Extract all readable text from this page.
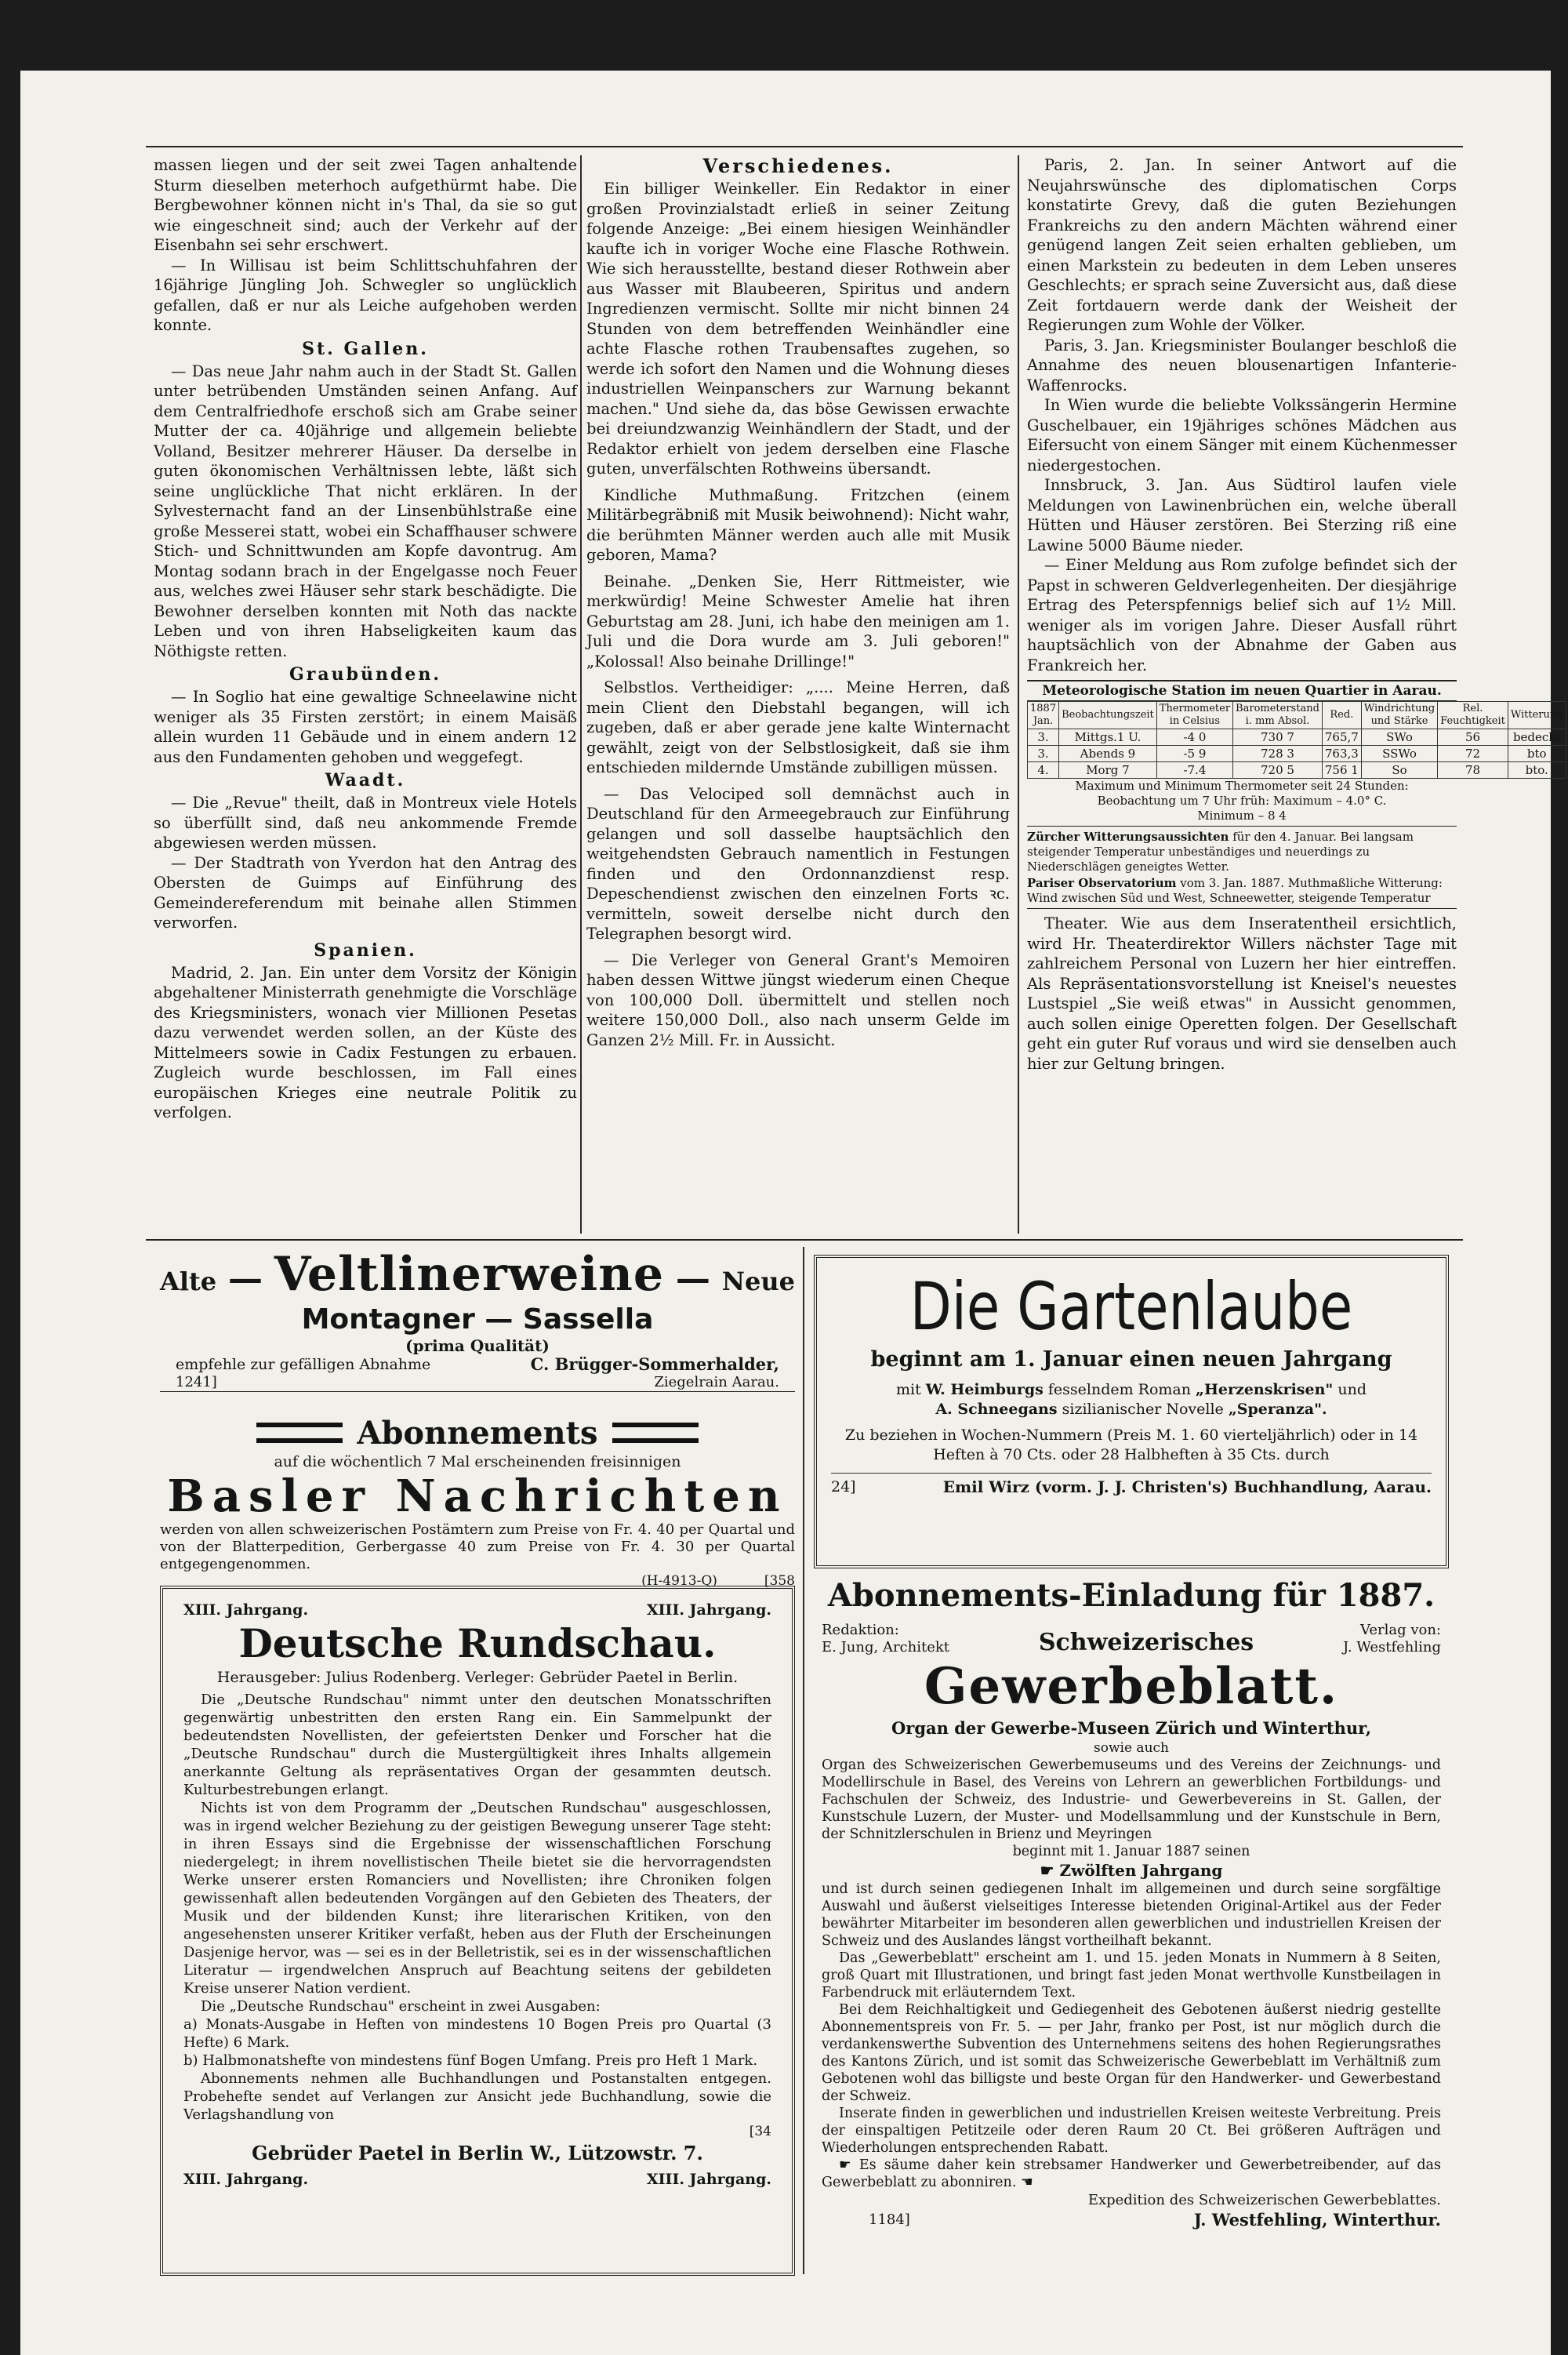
massen liegen und der seit zwei Tagen anhaltende Sturm dieselben meterhoch aufgethürmt habe. Die Bergbewohner können nicht in's Thal, da sie so gut wie eingeschneit sind; auch der Verkehr auf der Eisenbahn sei sehr erschwert.

— In Willisau ist beim Schlittschuhfahren der 16jährige Jüngling Joh. Schwegler so unglücklich gefallen, daß er nur als Leiche aufgehoben werden konnte.

St. Gallen.

— Das neue Jahr nahm auch in der Stadt St. Gallen unter betrübenden Umständen seinen Anfang. Auf dem Centralfriedhofe erschoß sich am Grabe seiner Mutter der ca. 40jährige und allgemein beliebte Volland, Besitzer mehrerer Häuser. Da derselbe in guten ökonomischen Verhältnissen lebte, läßt sich seine unglückliche That nicht erklären. In der Sylvesternacht fand an der Linsenbühlstraße eine große Messerei statt, wobei ein Schaffhauser schwere Stich- und Schnittwunden am Kopfe davontrug. Am Montag sodann brach in der Engelgasse noch Feuer aus, welches zwei Häuser sehr stark beschädigte. Die Bewohner derselben konnten mit Noth das nackte Leben und von ihren Habseligkeiten kaum das Nöthigste retten.

Graubünden.

— In Soglio hat eine gewaltige Schneelawine nicht weniger als 35 Firsten zerstört; in einem Maisäß allein wurden 11 Gebäude und in einem andern 12 aus den Fundamenten gehoben und weggefegt.

Waadt.

— Die „Revue" theilt, daß in Montreux viele Hotels so überfüllt sind, daß neu ankommende Fremde abgewiesen werden müssen.

— Der Stadtrath von Yverdon hat den Antrag des Obersten de Guimps auf Einführung des Gemeindereferendum mit beinahe allen Stimmen verworfen.

Spanien.

Madrid, 2. Jan. Ein unter dem Vorsitz der Königin abgehaltener Ministerrath genehmigte die Vorschläge des Kriegsministers, wonach vier Millionen Pesetas dazu verwendet werden sollen, an der Küste des Mittelmeers sowie in Cadix Festungen zu erbauen. Zugleich wurde beschlossen, im Fall eines europäischen Krieges eine neutrale Politik zu verfolgen.

Verschiedenes.

Ein billiger Weinkeller. Ein Redaktor in einer großen Provinzialstadt erließ in seiner Zeitung folgende Anzeige: „Bei einem hiesigen Weinhändler kaufte ich in voriger Woche eine Flasche Rothwein. Wie sich herausstellte, bestand dieser Rothwein aber aus Wasser mit Blaubeeren, Spiritus und andern Ingredienzen vermischt. Sollte mir nicht binnen 24 Stunden von dem betreffenden Weinhändler eine achte Flasche rothen Traubensaftes zugehen, so werde ich sofort den Namen und die Wohnung dieses industriellen Weinpanschers zur Warnung bekannt machen." Und siehe da, das böse Gewissen erwachte bei dreiundzwanzig Weinhändlern der Stadt, und der Redaktor erhielt von jedem derselben eine Flasche guten, unverfälschten Rothweins übersandt.

Kindliche Muthmaßung. Fritzchen (einem Militärbegräbniß mit Musik beiwohnend): Nicht wahr, die berühmten Männer werden auch alle mit Musik geboren, Mama?

Beinahe. „Denken Sie, Herr Rittmeister, wie merkwürdig! Meine Schwester Amelie hat ihren Geburtstag am 28. Juni, ich habe den meinigen am 1. Juli und die Dora wurde am 3. Juli geboren!" „Kolossal! Also beinahe Drillinge!"

Selbstlos. Vertheidiger: „.... Meine Herren, daß mein Client den Diebstahl begangen, will ich zugeben, daß er aber gerade jene kalte Winternacht gewählt, zeigt von der Selbstlosigkeit, daß sie ihm entschieden mildernde Umstände zubilligen müssen.

— Das Velociped soll demnächst auch in Deutschland für den Armeegebrauch zur Einführung gelangen und soll dasselbe hauptsächlich den weitgehendsten Gebrauch namentlich in Festungen finden und den Ordonnanzdienst resp. Depeschendienst zwischen den einzelnen Forts ꝛc. vermitteln, soweit derselbe nicht durch den Telegraphen besorgt wird.

— Die Verleger von General Grant's Memoiren haben dessen Wittwe jüngst wiederum einen Cheque von 100,000 Doll. übermittelt und stellen noch weitere 150,000 Doll., also nach unserm Gelde im Ganzen 2½ Mill. Fr. in Aussicht.

Paris, 2. Jan. In seiner Antwort auf die Neujahrswünsche des diplomatischen Corps konstatirte Grevy, daß die guten Beziehungen Frankreichs zu den andern Mächten während einer genügend langen Zeit seien erhalten geblieben, um einen Markstein zu bedeuten in dem Leben unseres Geschlechts; er sprach seine Zuversicht aus, daß diese Zeit fortdauern werde dank der Weisheit der Regierungen zum Wohle der Völker.

Paris, 3. Jan. Kriegsminister Boulanger beschloß die Annahme des neuen blousenartigen Infanterie-Waffenrocks.

In Wien wurde die beliebte Volkssängerin Hermine Guschelbauer, ein 19jähriges schönes Mädchen aus Eifersucht von einem Sänger mit einem Küchenmesser niedergestochen.

Innsbruck, 3. Jan. Aus Südtirol laufen viele Meldungen von Lawinenbrüchen ein, welche überall Hütten und Häuser zerstören. Bei Sterzing riß eine Lawine 5000 Bäume nieder.

— Einer Meldung aus Rom zufolge befindet sich der Papst in schweren Geldverlegenheiten. Der diesjährige Ertrag des Peterspfennigs belief sich auf 1½ Mill. weniger als im vorigen Jahre. Dieser Ausfall rührt hauptsächlich von der Abnahme der Gaben aus Frankreich her.

Meteorologische Station im neuen Quartier in Aarau.
1887 Jan.	Beobachtungszeit	Thermometer in Celsius	Barometerstand i. mm Absol.	Red.	Windrichtung und Stärke	Rel. Feuchtigkeit	Witterung
3.	Mittgs.1 U.	-4 0	730 7	765,7	SWo	56	bedeckt
3.	Abends 9	-5 9	728 3	763,3	SSWo	72	bto
4.	Morg 7	-7.4	720 5	756 1	So	78	bto.
Maximum und Minimum Thermometer seit 24 Stunden:
Beobachtung um 7 Uhr früh: Maximum – 4.0° C.
Minimum – 8 4
Zürcher Witterungsaussichten für den 4. Januar. Bei langsam steigender Temperatur unbeständiges und neuerdings zu Niederschlägen geneigtes Wetter.
Pariser Observatorium vom 3. Jan. 1887. Muthmaßliche Witterung: Wind zwischen Süd und West, Schneewetter, steigende Temperatur

Theater. Wie aus dem Inseratentheil ersichtlich, wird Hr. Theaterdirektor Willers nächster Tage mit zahlreichem Personal von Luzern her hier eintreffen. Als Repräsentationsvorstellung ist Kneisel's neuestes Lustspiel „Sie weiß etwas" in Aussicht genommen, auch sollen einige Operetten folgen. Der Gesellschaft geht ein guter Ruf voraus und wird sie denselben auch hier zur Geltung bringen.

Alte — Veltlinerweine — Neue
Montagner — Sassella
(prima Qualität)
empfehle zur gefälligen Abnahme	C. Brügger-Sommerhalder,
1241]	Ziegelrain Aarau.
Abonnements
auf die wöchentlich 7 Mal erscheinenden freisinnigen
Basler Nachrichten
werden von allen schweizerischen Postämtern zum Preise von Fr. 4. 40 per Quartal und von der Blatterpedition, Gerbergasse 40 zum Preise von Fr. 4. 30 per Quartal entgegengenommen.
(H-4913-Q)	[358
XIII. Jahrgang.	XIII. Jahrgang.
Deutsche Rundschau.
Herausgeber: Julius Rodenberg. Verleger: Gebrüder Paetel in Berlin.

Die „Deutsche Rundschau" nimmt unter den deutschen Monatsschriften gegenwärtig unbestritten den ersten Rang ein. Ein Sammelpunkt der bedeutendsten Novellisten, der gefeiertsten Denker und Forscher hat die „Deutsche Rundschau" durch die Mustergültigkeit ihres Inhalts allgemein anerkannte Geltung als repräsentatives Organ der gesammten deutsch. Kulturbestrebungen erlangt.

Nichts ist von dem Programm der „Deutschen Rundschau" ausgeschlossen, was in irgend welcher Beziehung zu der geistigen Bewegung unserer Tage steht: in ihren Essays sind die Ergebnisse der wissenschaftlichen Forschung niedergelegt; in ihrem novellistischen Theile bietet sie die hervorragendsten Werke unserer ersten Romanciers und Novellisten; ihre Chroniken folgen gewissenhaft allen bedeutenden Vorgängen auf den Gebieten des Theaters, der Musik und der bildenden Kunst; ihre literarischen Kritiken, von den angesehensten unserer Kritiker verfaßt, heben aus der Fluth der Erscheinungen Dasjenige hervor, was — sei es in der Belletristik, sei es in der wissenschaftlichen Literatur — irgendwelchen Anspruch auf Beachtung seitens der gebildeten Kreise unserer Nation verdient.

Die „Deutsche Rundschau" erscheint in zwei Ausgaben:

a) Monats-Ausgabe in Heften von mindestens 10 Bogen Preis pro Quartal (3 Hefte) 6 Mark.

b) Halbmonatshefte von mindestens fünf Bogen Umfang. Preis pro Heft 1 Mark.

Abonnements nehmen alle Buchhandlungen und Postanstalten entgegen. Probehefte sendet auf Verlangen zur Ansicht jede Buchhandlung, sowie die Verlagshandlung von

[34
Gebrüder Paetel in Berlin W., Lützowstr. 7.
XIII. Jahrgang.	XIII. Jahrgang.
Die Gartenlaube
beginnt am 1. Januar einen neuen Jahrgang
mit W. Heimburgs fesselndem Roman „Herzenskrisen" und
A. Schneegans sizilianischer Novelle „Speranza".
Zu beziehen in Wochen-Nummern (Preis M. 1. 60 vierteljährlich) oder in 14 Heften à 70 Cts. oder 28 Halbheften à 35 Cts. durch
24]	Emil Wirz (vorm. J. J. Christen's) Buchhandlung, Aarau.
Abonnements-Einladung für 1887.
Redaktion:
E. Jung, Architekt	Schweizerisches	Verlag von:
J. Westfehling
Gewerbeblatt.
Organ der Gewerbe-Museen Zürich und Winterthur,
sowie auch

Organ des Schweizerischen Gewerbemuseums und des Vereins der Zeichnungs- und Modellirschule in Basel, des Vereins von Lehrern an gewerblichen Fortbildungs- und Fachschulen der Schweiz, des Industrie- und Gewerbevereins in St. Gallen, der Kunstschule Luzern, der Muster- und Modellsammlung und der Kunstschule in Bern, der Schnitzlerschulen in Brienz und Meyringen

beginnt mit 1. Januar 1887 seinen
☛ Zwölften Jahrgang

und ist durch seinen gediegenen Inhalt im allgemeinen und durch seine sorgfältige Auswahl und äußerst vielseitiges Interesse bietenden Original-Artikel aus der Feder bewährter Mitarbeiter im besonderen allen gewerblichen und industriellen Kreisen der Schweiz und des Auslandes längst vortheilhaft bekannt.

Das „Gewerbeblatt" erscheint am 1. und 15. jeden Monats in Nummern à 8 Seiten, groß Quart mit Illustrationen, und bringt fast jeden Monat werthvolle Kunstbeilagen in Farbendruck mit erläuterndem Text.

Bei dem Reichhaltigkeit und Gediegenheit des Gebotenen äußerst niedrig gestellte Abonnementspreis von Fr. 5. — per Jahr, franko per Post, ist nur möglich durch die verdankenswerthe Subvention des Unternehmens seitens des hohen Regierungsrathes des Kantons Zürich, und ist somit das Schweizerische Gewerbeblatt im Verhältniß zum Gebotenen wohl das billigste und beste Organ für den Handwerker- und Gewerbestand der Schweiz.

Inserate finden in gewerblichen und industriellen Kreisen weiteste Verbreitung. Preis der einspaltigen Petitzeile oder deren Raum 20 Ct. Bei größeren Aufträgen und Wiederholungen entsprechenden Rabatt.

☛ Es säume daher kein strebsamer Handwerker und Gewerbetreibender, auf das Gewerbeblatt zu abonniren. ☚

Expedition des Schweizerischen Gewerbeblattes.
1184]	J. Westfehling, Winterthur.
